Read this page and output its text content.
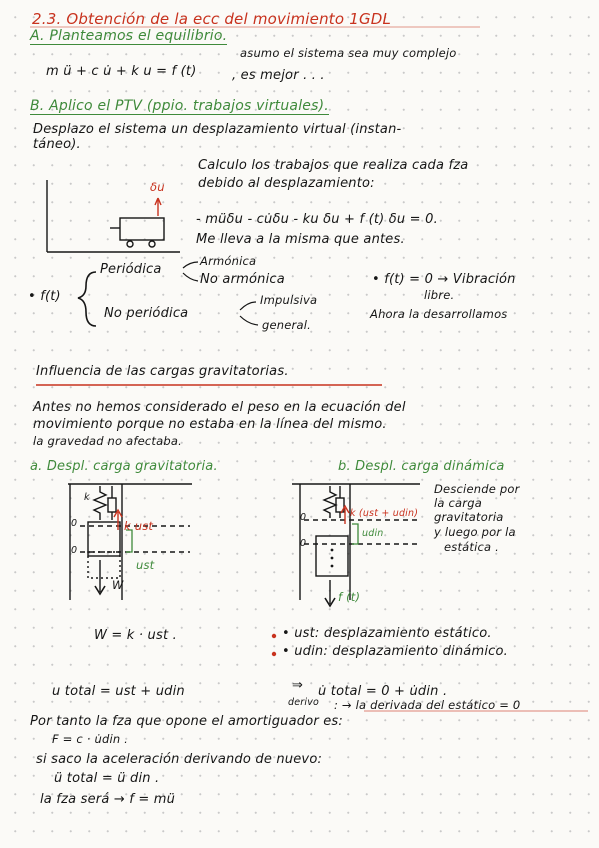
2.3. Obtención de la ecc del movimiento 1GDL
A. Planteamos el equilibrio.
asumo el sistema sea muy complejo
m ü + c u̇ + k u = f (t)	, es mejor . . .
B. Aplico el PTV (ppio. trabajos virtuales).
Desplazo el sistema un desplazamiento virtual (instan-
táneo).
Calculo los trabajos que realiza cada fza
debido al desplazamiento:
δu
- müδu - cu̇δu - ku δu + f (t) δu = 0.
Me lleva a la misma que antes.
• f(t)
Periódica
Armónica
No armónica
No periódica
Impulsiva
general.
• f(t) = 0 → Vibración
libre.
Ahora la desarrollamos
Influencia de las cargas gravitatorias.
Antes no hemos considerado el peso en la ecuación del
movimiento porque no estaba en la línea del mismo.
la gravedad no afectaba.
a. Despl. carga gravitatoria.	b. Despl. carga dinámica
Desciende por
la carga
gravitatoria
y luego por la
estática .
0
0
k
k ust
ust
W
0
0
k (ust + udin)
udin
f (t)
W = k · ust .	• ust: desplazamiento estático.
• udin: desplazamiento dinámico.
u total = ust + udin	⇒
derivo
u̇ total = 0 + u̇din .
: → la derivada del estático = 0
Por tanto la fza que opone el amortiguador es:
F = c · u̇din .
si saco la aceleración derivando de nuevo:
ü total = ü din .
la fza será → f = mü
